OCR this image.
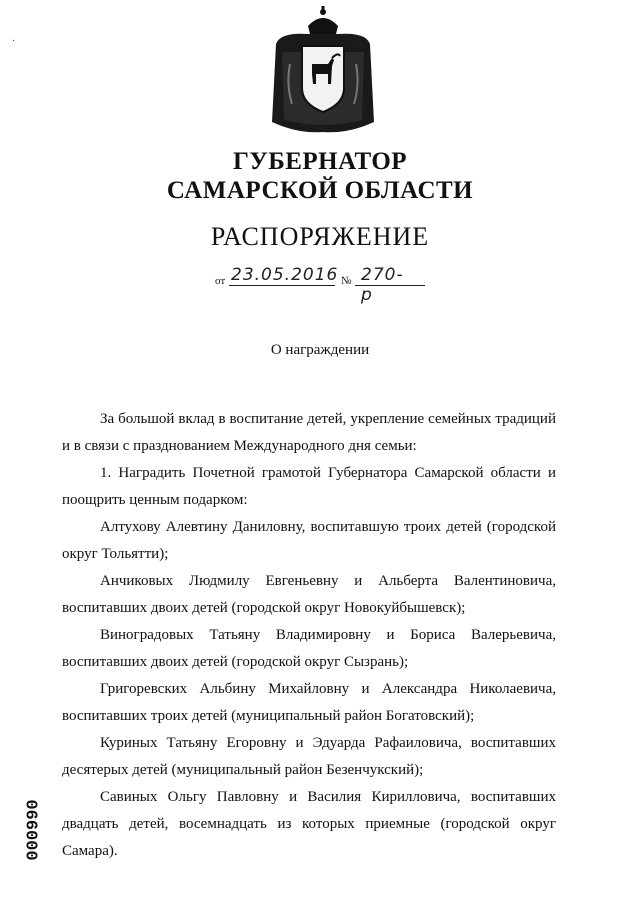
·
ГУБЕРНАТОР
САМАРСКОЙ ОБЛАСТИ
РАСПОРЯЖЕНИЕ
от 23.05.2016 № 270-р
О награждении

За большой вклад в воспитание детей, укрепление семейных традиций и в связи с празднованием Международного дня семьи:

1. Наградить Почетной грамотой Губернатора Самарской области и поощрить ценным подарком:

Алтухову Алевтину Даниловну, воспитавшую троих детей (городской округ Тольятти);

Анчиковых Людмилу Евгеньевну и Альберта Валентиновича, воспитавших двоих детей (городской округ Новокуйбышевск);

Виноградовых Татьяну Владимировну и Бориса Валерьевича, воспитавших двоих детей (городской округ Сызрань);

Григоревских Альбину Михайловну и Александра Николаевича, воспитавших троих детей (муниципальный район Богатовский);

Куриных Татьяну Егоровну и Эдуарда Рафаиловича, воспитавших десятерых детей (муниципальный район Безенчукский);

Савиных Ольгу Павловну и Василия Кирилловича, воспитавших двадцать детей, восемнадцать из которых приемные (городской округ Самара).

000990
